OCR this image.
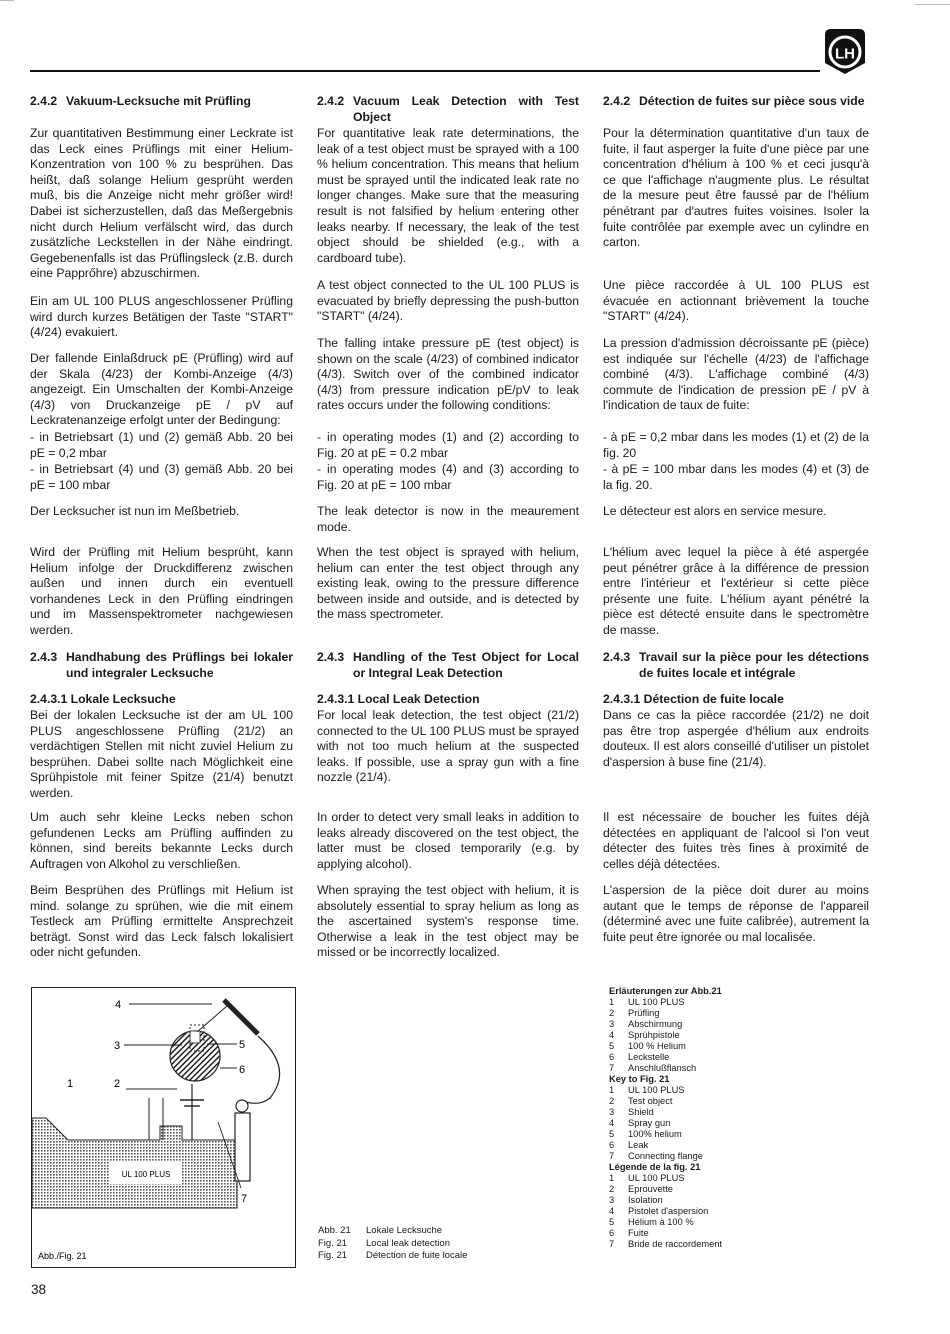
LH
2.4.2 Vakuum-Lecksuche mit Prüfling

Zur quantitativen Bestimmung einer Leckrate ist das Leck eines Prüflings mit einer Helium-Konzentration von 100 % zu besprühen. Das heißt, daß solange Helium gesprüht werden muß, bis die Anzeige nicht mehr größer wird! Dabei ist sicherzustellen, daß das Meßergebnis nicht durch Helium verfälscht wird, das durch zusätzliche Leckstellen in der Nähe eindringt. Gegebenenfalls ist das Prüflingsleck (z.B. durch eine Papprőhre) abzuschirmen.

Ein am UL 100 PLUS angeschlossener Prüfling wird durch kurzes Betätigen der Taste "START" (4/24) evakuiert.

Der fallende Einlaßdruck pE (Prüfling) wird auf der Skala (4/23) der Kombi-Anzeige (4/3) angezeigt. Ein Umschalten der Kombi-Anzeige (4/3) von Druckanzeige pE / pV auf Leckratenanzeige erfolgt unter der Bedingung:

- in Betriebsart (1) und (2) gemäß Abb. 20 bei pE = 0,2 mbar

- in Betriebsart (4) und (3) gemäß Abb. 20 bei pE = 100 mbar

Der Lecksucher ist nun im Meßbetrieb.

Wird der Prüfling mit Helium besprüht, kann Helium infolge der Druckdifferenz zwischen außen und innen durch ein eventuell vorhandenes Leck in den Prüfling eindringen und im Massenspektrometer nachgewiesen werden.

2.4.3 Handhabung des Prüflings bei lokaler und integraler Lecksuche
2.4.3.1 Lokale Lecksuche

Bei der lokalen Lecksuche ist der am UL 100 PLUS angeschlossene Prüfling (21/2) an verdächtigen Stellen mit nicht zuviel Helium zu besprühen. Dabei sollte nach Möglichkeit eine Sprühpistole mit feiner Spitze (21/4) benutzt werden.

Um auch sehr kleine Lecks neben schon gefundenen Lecks am Prüfling auffinden zu können, sind bereits bekannte Lecks durch Auftragen von Alkohol zu verschließen.

Beim Besprühen des Prüflings mit Helium ist mind. solange zu sprühen, wie die mit einem Testleck am Prüfling ermittelte Ansprechzeit beträgt. Sonst wird das Leck falsch lokalisiert oder nicht gefunden.

2.4.2 Vacuum Leak Detection with Test Object

For quantitative leak rate determinations, the leak of a test object must be sprayed with a 100 % helium concentration. This means that helium must be sprayed until the indicated leak rate no longer changes. Make sure that the measuring result is not falsified by helium entering other leaks nearby. If necessary, the leak of the test object should be shielded (e.g., with a cardboard tube).

A test object connected to the UL 100 PLUS is evacuated by briefly depressing the push-button "START" (4/24).

The falling intake pressure pE (test object) is shown on the scale (4/23) of combined indicator (4/3). Switch over of the combined indicator (4/3) from pressure indication pE/pV to leak rates occurs under the following conditions:

- in operating modes (1) and (2) according to Fig. 20 at pE = 0.2 mbar

- in operating modes (4) and (3) according to Fig. 20 at pE = 100 mbar

The leak detector is now in the meaurement mode.

When the test object is sprayed with helium, helium can enter the test object through any existing leak, owing to the pressure difference between inside and outside, and is detected by the mass spectrometer.

2.4.3 Handling of the Test Object for Local or Integral Leak Detection
2.4.3.1 Local Leak Detection

For local leak detection, the test object (21/2) connected to the UL 100 PLUS must be sprayed with not too much helium at the suspected leaks. If possible, use a spray gun with a fine nozzle (21/4).

In order to detect very small leaks in addition to leaks already discovered on the test object, the latter must be closed temporarily (e.g. by applying alcohol).

When spraying the test object with helium, it is absolutely essential to spray helium as long as the ascertained system's response time. Otherwise a leak in the test object may be missed or be incorrectly localized.

2.4.2 Détection de fuites sur pièce sous vide

Pour la détermination quantitative d'un taux de fuite, il faut asperger la fuite d'une pièce par une concentration d'hélium à 100 % et ceci jusqu'à ce que l'affichage n'augmente plus. Le résultat de la mesure peut être faussé par de l'hélium pénétrant par d'autres fuites voisines. Isoler la fuite contrôlée par exemple avec un cylindre en carton.

Une pièce raccordée à UL 100 PLUS est évacuée en actionnant brièvement la touche "START" (4/24).

La pression d'admission décroissante pE (pièce) est indiquée sur l'échelle (4/23) de l'affichage combiné (4/3). L'affichage combiné (4/3) commute de l'indication de pression pE / pV à l'indication de taux de fuite:

- à pE = 0,2 mbar dans les modes (1) et (2) de la fig. 20

- à pE = 100 mbar dans les modes (4) et (3) de la fig. 20.

Le détecteur est alors en service mesure.

L'hélium avec lequel la pièce à été aspergée peut pénétrer grâce à la différence de pression entre l'intérieur et l'extérieur si cette pièce présente une fuite. L'hélium ayant pénétré la pièce est détecté ensuite dans le spectromètre de masse.

2.4.3 Travail sur la pièce pour les détections de fuites locale et intégrale
2.4.3.1 Détection de fuite locale

Dans ce cas la pièce raccordée (21/2) ne doit pas être trop aspergée d'hélium aux endroits douteux. Il est alors conseillé d'utiliser un pistolet d'aspersion à buse fine (21/4).

Il est nécessaire de boucher les fuites déjà détectées en appliquant de l'alcool si l'on veut détecter des fuites très fines à proximité de celles déjà détectées.

L'aspersion de la pièce doit durer au moins autant que le temps de réponse de l'appareil (déterminé avec une fuite calibrée), autrement la fuite peut être ignorée ou mal localisée.

UL 100 PLUS
4
3
2
1
5
6
7
Abb./Fig. 21
Abb. 21 Lokale Lecksuche
Fig. 21 Local leak detection
Fig. 21 Détection de fuite locale
Erläuterungen zur Abb.21
1 UL 100 PLUS
2 Prüfling
3 Abschirmung
4 Sprühpistole
5 100 % Helium
6 Leckstelle
7 Anschlußflansch
Key to Fig. 21
1 UL 100 PLUS
2 Test object
3 Shield
4 Spray gun
5 100% helium
6 Leak
7 Connecting flange
Légende de la fig. 21
1 UL 100 PLUS
2 Eprouvette
3 Isolation
4 Pistolet d'aspersion
5 Hélium à 100 %
6 Fuite
7 Bride de raccordement
38
